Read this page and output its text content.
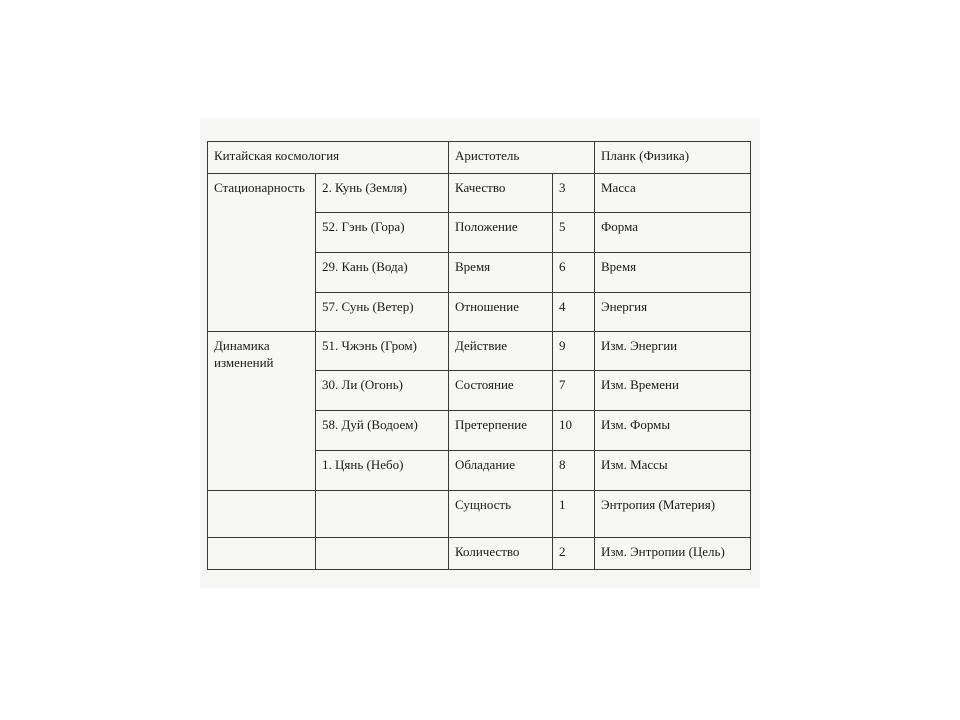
Китайская космология		Аристотель		Планк (Физика)
Стационарность	2. Кунь (Земля)	Качество	3	Масса
	52. Гэнь (Гора)	Положение	5	Форма
	29. Кань (Вода)	Время	6	Время
	57. Сунь (Ветер)	Отношение	4	Энергия
Динамика изменений	51. Чжэнь (Гром)	Действие	9	Изм. Энергии
	30. Ли (Огонь)	Состояние	7	Изм. Времени
	58. Дуй (Водоем)	Претерпение	10	Изм. Формы
	1. Цянь (Небо)	Обладание	8	Изм. Массы
		Сущность	1	Энтропия (Материя)
		Количество	2	Изм. Энтропии (Цель)
